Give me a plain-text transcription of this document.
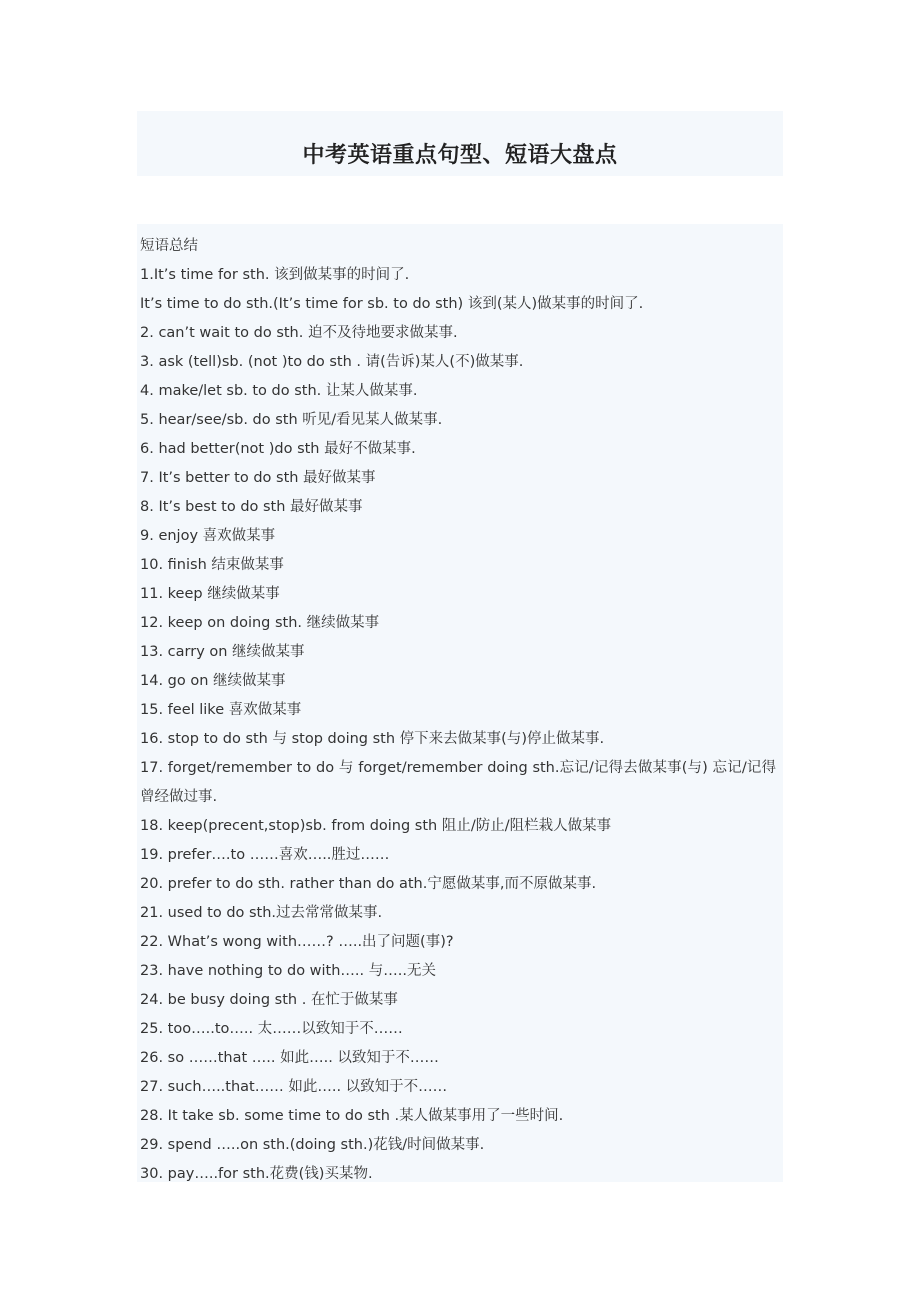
中考英语重点句型、短语大盘点
短语总结
1.It’s time for sth. 该到做某事的时间了.
It’s time to do sth.(It’s time for sb. to do sth) 该到(某人)做某事的时间了.
2. can’t wait to do sth. 迫不及待地要求做某事.
3. ask (tell)sb. (not )to do sth . 请(告诉)某人(不)做某事.
4. make/let sb. to do sth. 让某人做某事.
5. hear/see/sb. do sth 听见/看见某人做某事.
6. had better(not )do sth 最好不做某事.
7. It’s better to do sth 最好做某事
8. It’s best to do sth 最好做某事
9. enjoy 喜欢做某事
10. finish 结束做某事
11. keep 继续做某事
12. keep on doing sth. 继续做某事
13. carry on 继续做某事
14. go on 继续做某事
15. feel like 喜欢做某事
16. stop to do sth 与 stop doing sth 停下来去做某事(与)停止做某事.
17. forget/remember to do 与 forget/remember doing sth.忘记/记得去做某事(与) 忘记/记得曾经做过事.
18. keep(precent,stop)sb. from doing sth 阻止/防止/阻栏栽人做某事
19. prefer….to ……喜欢…..胜过……
20. prefer to do sth. rather than do ath.宁愿做某事,而不原做某事.
21. used to do sth.过去常常做某事.
22. What’s wong with……? …..出了问题(事)?
23. have nothing to do with….. 与…..无关
24. be busy doing sth . 在忙于做某事
25. too…..to….. 太……以致知于不……
26. so ……that ….. 如此….. 以致知于不……
27. such…..that…… 如此….. 以致知于不……
28. It take sb. some time to do sth .某人做某事用了一些时间.
29. spend …..on sth.(doing sth.)花钱/时间做某事.
30. pay…..for sth.花费(钱)买某物.
